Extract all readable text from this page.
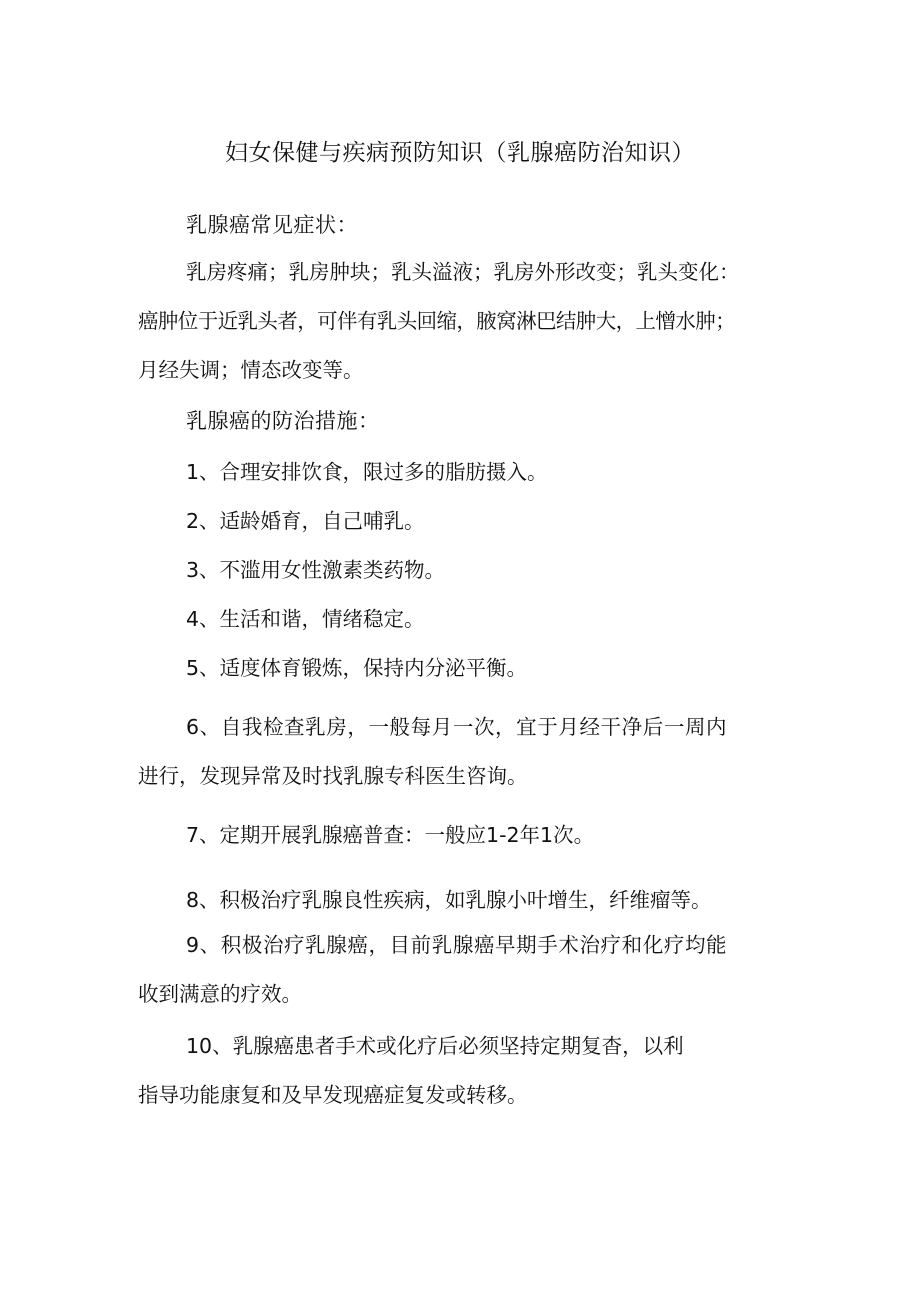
妇女保健与疾病预防知识（乳腺癌防治知识）
乳腺癌常见症状：
乳房疼痛；乳房肿块；乳头溢液；乳房外形改变；乳头变化：
癌肿位于近乳头者，可伴有乳头回缩，腋窝淋巴结肿大，上憎水肿；
月经失调；情态改变等。
乳腺癌的防治措施：
1、合理安排饮食，限过多的脂肪摄入。
2、适龄婚育，自己哺乳。
3、不滥用女性激素类药物。
4、生活和谐，情绪稳定。
5、适度体育锻炼，保持内分泌平衡。
6、自我检查乳房，一般每月一次，宜于月经干净后一周内
进行，发现异常及时找乳腺专科医生咨询。
7、定期开展乳腺癌普查：一般应1-2年1次。
8、积极治疗乳腺良性疾病，如乳腺小叶增生，纤维瘤等。
9、积极治疗乳腺癌，目前乳腺癌早期手术治疗和化疗均能
收到满意的疗效。
10、乳腺癌患者手术或化疗后必须坚持定期复杳，以利
指导功能康复和及早发现癌症复发或转移。
